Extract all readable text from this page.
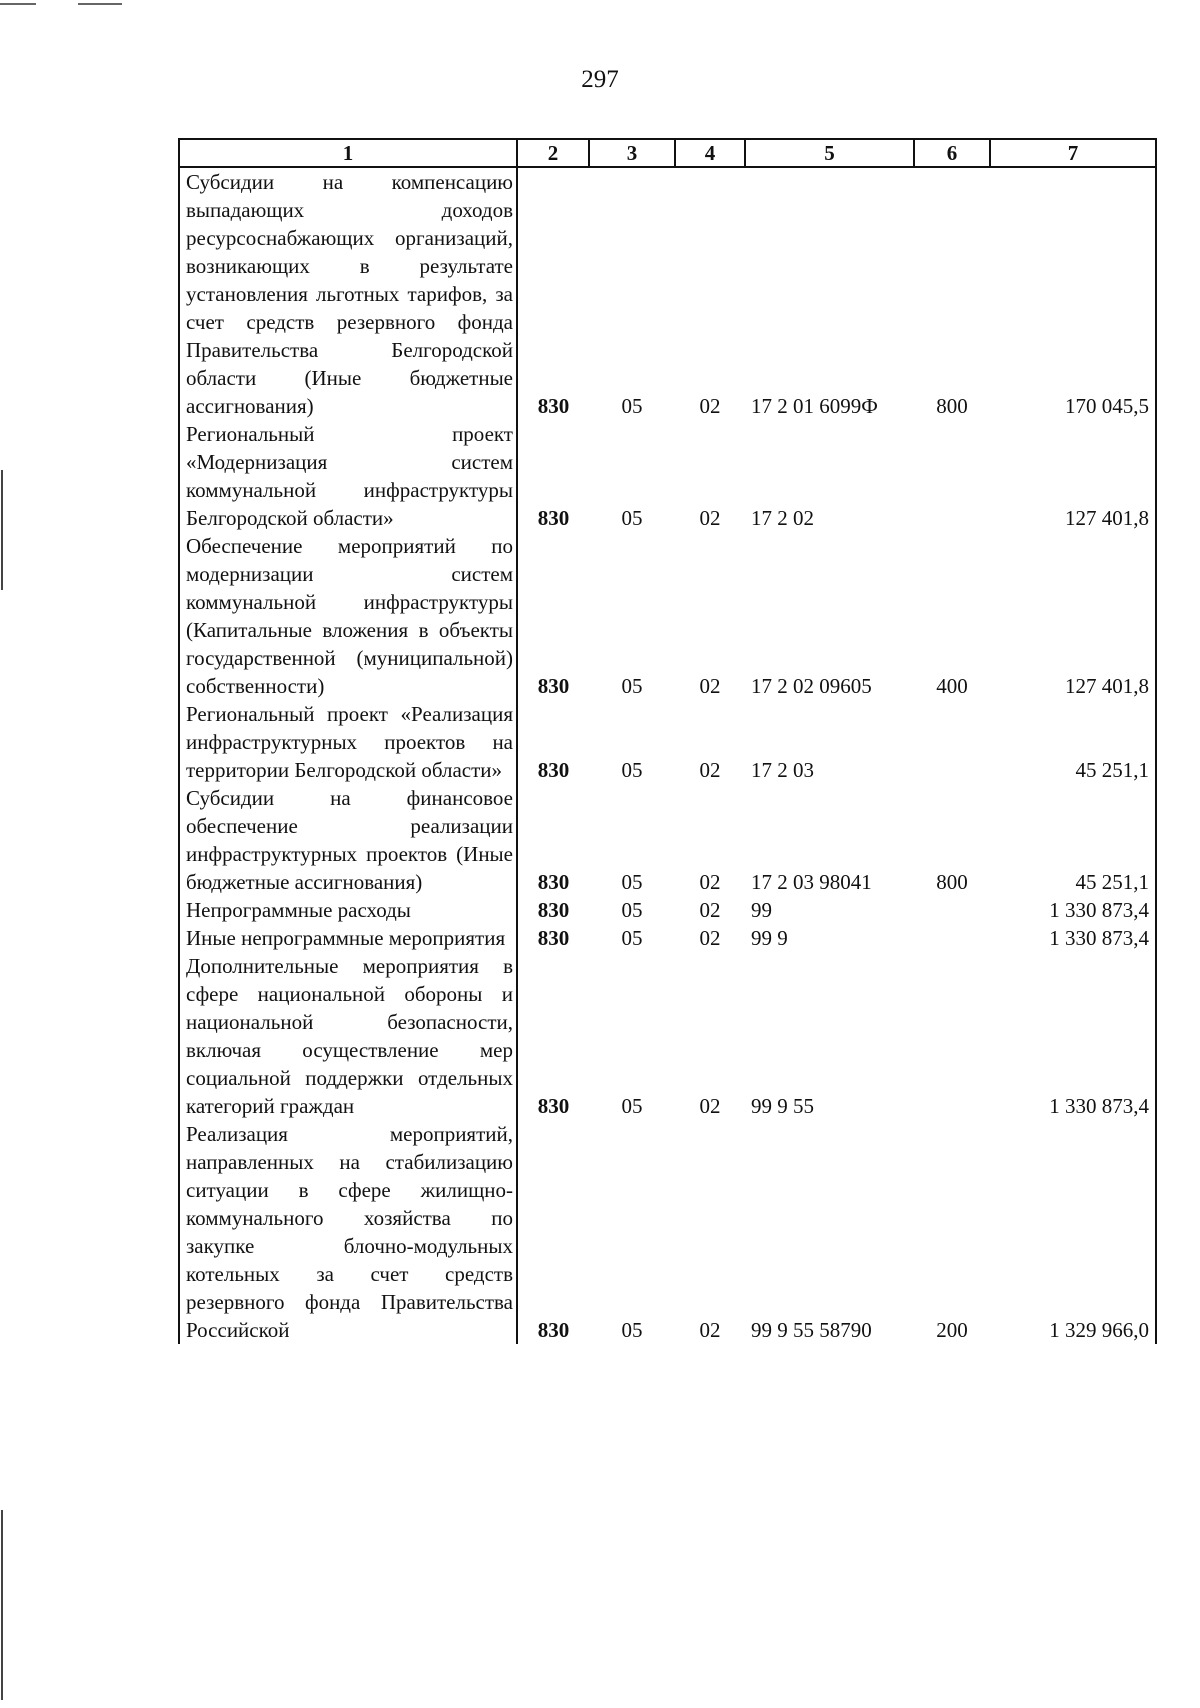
297
1	2	3	4	5	6	7
Субсидии на компенсацию выпадающих доходов ресурсоснабжающих организаций, возникающих в результате установления льготных тарифов, за счет средств резервного фонда Правительства Белгородской области (Иные бюджетные ассигнования)	830	05	02	17 2 01 6099Ф	800	170 045,5
Региональный проект «Модернизация систем коммунальной инфраструктуры Белгородской области»	830	05	02	17 2 02		127 401,8
Обеспечение мероприятий по модернизации систем коммунальной инфраструктуры (Капитальные вложения в объекты государственной (муниципальной) собственности)	830	05	02	17 2 02 09605	400	127 401,8
Региональный проект «Реализация инфраструктурных проектов на территории Белгородской области»	830	05	02	17 2 03		45 251,1
Субсидии на финансовое обеспечение реализации инфраструктурных проектов (Иные бюджетные ассигнования)	830	05	02	17 2 03 98041	800	45 251,1
Непрограммные расходы	830	05	02	99		1 330 873,4
Иные непрограммные мероприятия	830	05	02	99 9		1 330 873,4
Дополнительные мероприятия в сфере национальной обороны и национальной безопасности, включая осуществление мер социальной поддержки отдельных категорий граждан	830	05	02	99 9 55		1 330 873,4
Реализация мероприятий, направленных на стабилизацию ситуации в сфере жилищно-коммунального хозяйства по закупке блочно-модульных котельных за счет средств резервного фонда Правительства Российской	830	05	02	99 9 55 58790	200	1 329 966,0
